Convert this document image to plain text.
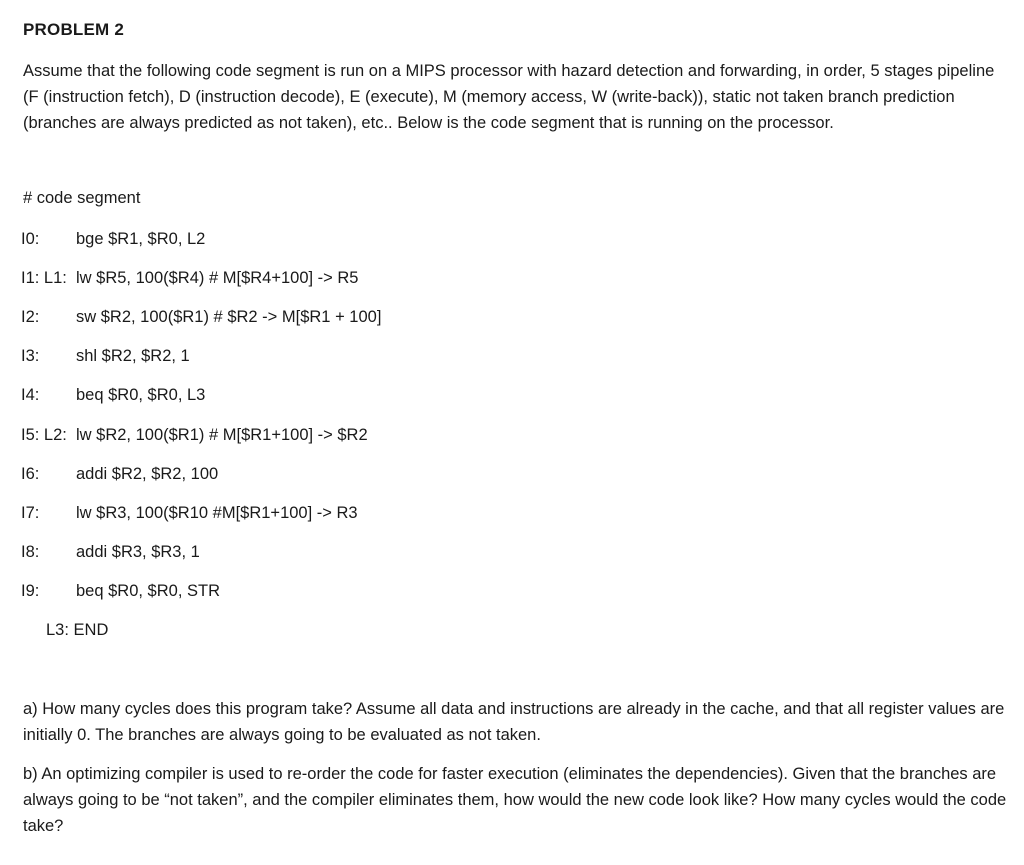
PROBLEM 2

Assume that the following code segment is run on a MIPS processor with hazard detection and forwarding, in order, 5 stages pipeline (F (instruction fetch), D (instruction decode), E (execute), M (memory access, W (write-back)), static not taken branch prediction (branches are always predicted as not taken), etc.. Below is the code segment that is running on the processor.

# code segment

I0: bge $R1, $R0, L2
I1: L1: lw $R5, 100($R4) # M[$R4+100] -> R5
I2: sw $R2, 100($R1) # $R2 -> M[$R1 + 100]
I3: shl $R2, $R2, 1
I4: beq $R0, $R0, L3
I5: L2: lw $R2, 100($R1) # M[$R1+100] -> $R2
I6: addi $R2, $R2, 100
I7: lw $R3, 100($R10 #M[$R1+100] -> R3
I8: addi $R3, $R3, 1
I9: beq $R0, $R0, STR
L3: END

a) How many cycles does this program take? Assume all data and instructions are already in the cache, and that all register values are initially 0. The branches are always going to be evaluated as not taken.

b) An optimizing compiler is used to re-order the code for faster execution (eliminates the dependencies). Given that the branches are always going to be “not taken”, and the compiler eliminates them, how would the new code look like? How many cycles would the code take?
